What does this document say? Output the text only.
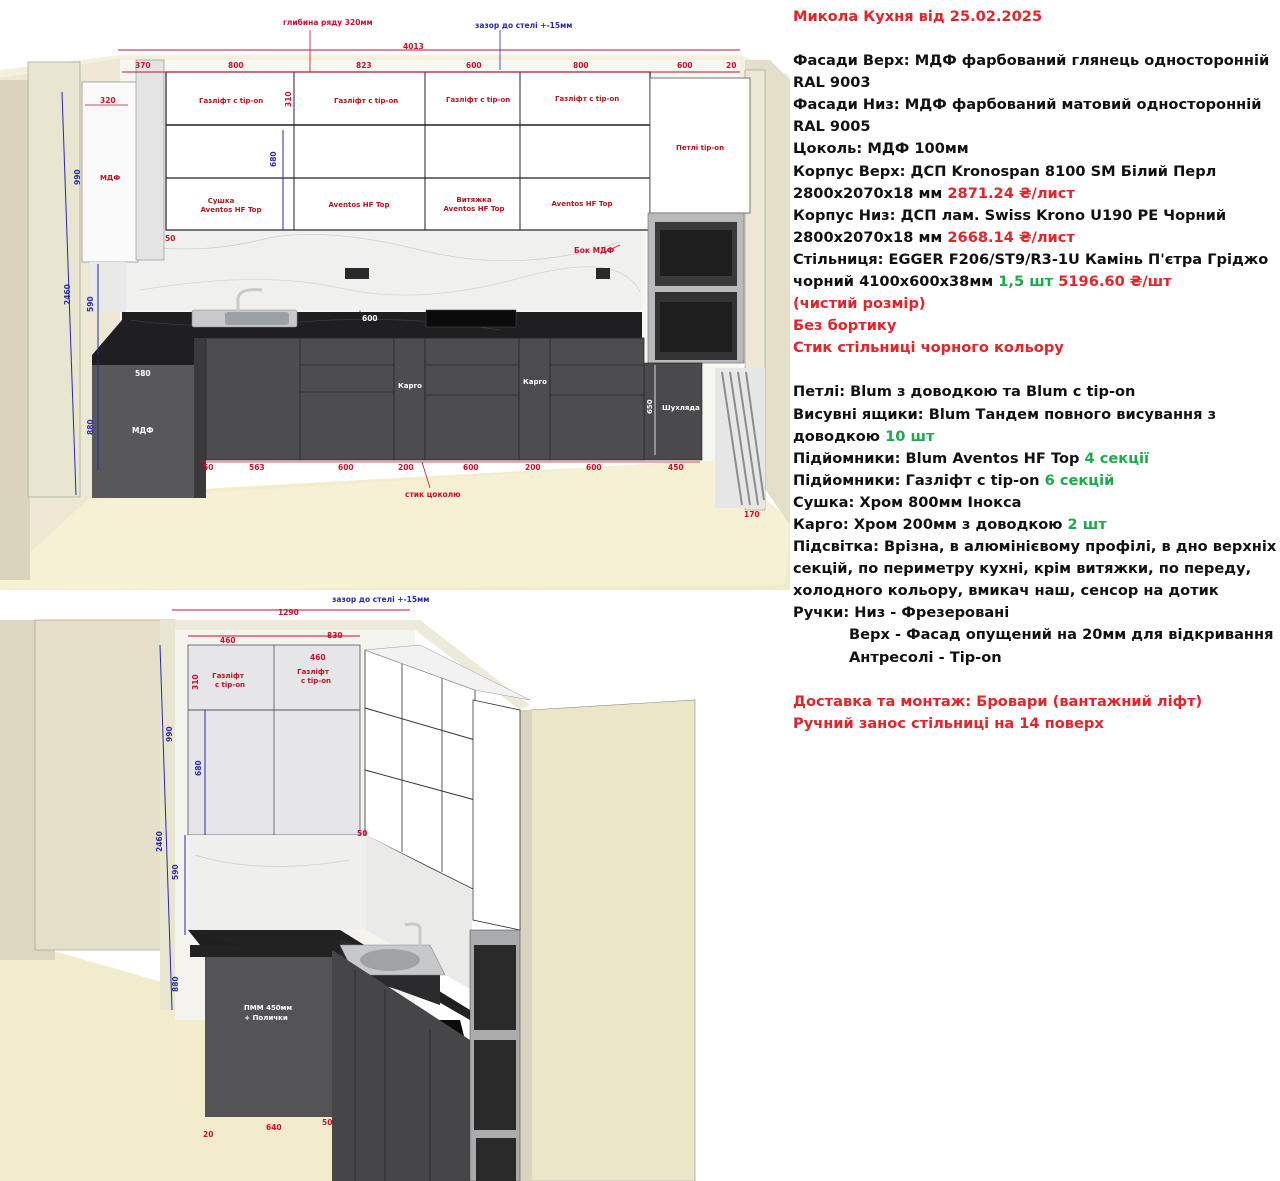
глибина ряду 320мм	зазор до стелі +-15мм
4013
370	800	823	600	800	600	20
Газліфт с tip-on	Газліфт с tip-on	Газліфт с tip-on	Газліфт с tip-on
Сушка Aventos HF Top
Aventos HF Top
Витяжка Aventos HF Top
Aventos HF Top
Петлі tip-on
МДФ
320
990
2460 590
880
50
310
680
Бок МДФ
600
580
МДФ
Карго	Карго
Шухляда
650
50	563	600	200	600	200	600	450
стик цоколю
170
зазор до стелі +-15мм
1290
460
830
460
310 Газліфт с tip-on
Газліфт с tip-on
990
680
2460
590
50
880
ПММ 450мм + Полички
20
640
50
Микола Кухня від 25.02.2025
Фасади Верх: МДФ фарбований глянець односторонній
RAL 9003
Фасади Низ: МДФ фарбований матовий односторонній
RAL 9005
Цоколь: МДФ 100мм
Корпус Верх: ДСП Kronospan 8100 SM Білий Перл
2800x2070x18 мм 2871.24 ₴/лист
Корпус Низ: ДСП лам. Swiss Krono U190 PE Чорний
2800x2070x18 мм 2668.14 ₴/лист
Стільниця: EGGER F206/ST9/R3-1U Камінь П'єтра Гріджо
чорний 4100x600x38мм 1,5 шт 5196.60 ₴/шт
(чистий розмір)
Без бортику
Стик стільниці чорного кольору
Петлі: Blum з доводкою та Blum с tip-on
Висувні ящики: Blum Тандем повного висування з
доводкою 10 шт
Підйомники: Blum Aventos HF Top 4 секції
Підйомники: Газліфт с tip-on 6 секцій
Сушка: Хром 800мм Інокса
Карго: Хром 200мм з доводкою 2 шт
Підсвітка: Врізна, в алюмінієвому профілі, в дно верхніх
секцій, по периметру кухні, крім витяжки, по переду,
холодного кольору, вмикач наш, сенсор на дотик
Ручки: Низ - Фрезеровані
Верх - Фасад опущений на 20мм для відкривання
Антресолі - Tip-on
Доставка та монтаж: Бровари (вантажний ліфт)
Ручний занос стільниці на 14 поверх
